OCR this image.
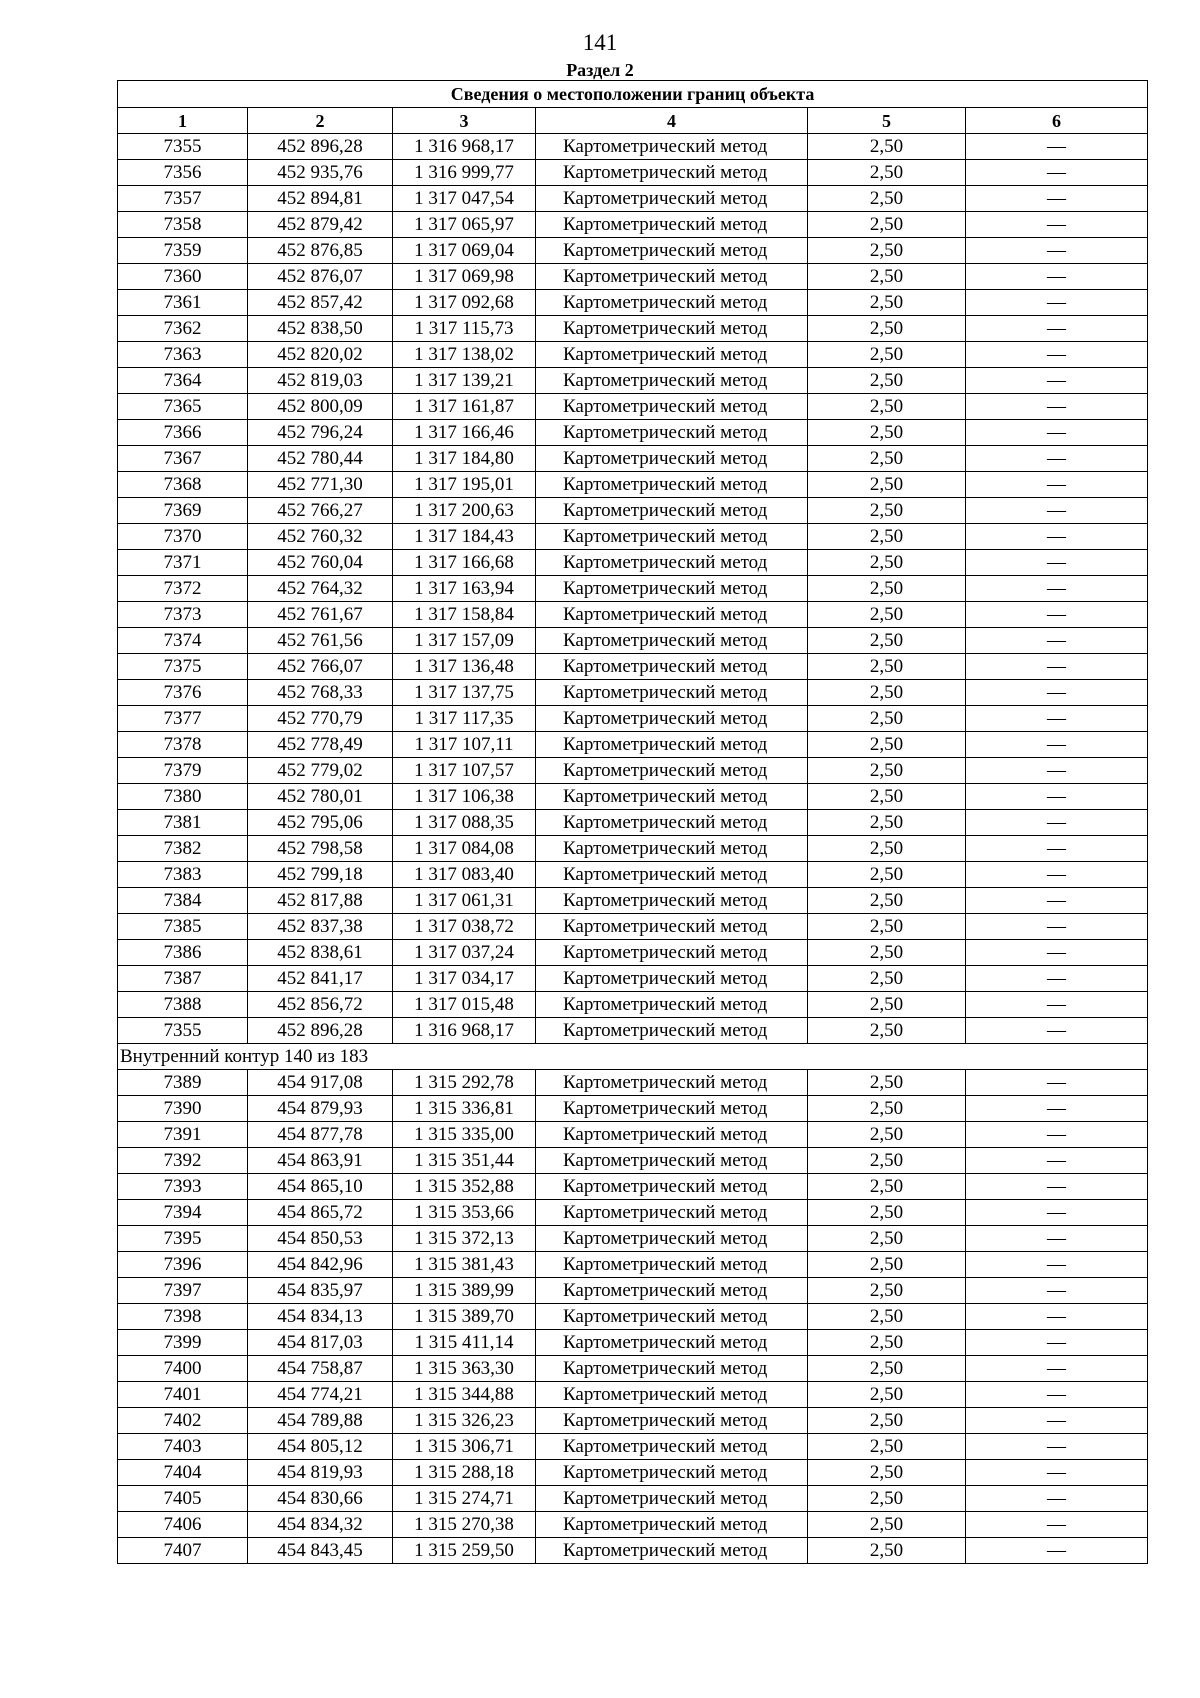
141
Раздел 2
Сведения о местоположении границ объекта					
1	2	3	4	5	6
7355	452 896,28	1 316 968,17	Картометрический метод	2,50	—
7356	452 935,76	1 316 999,77	Картометрический метод	2,50	—
7357	452 894,81	1 317 047,54	Картометрический метод	2,50	—
7358	452 879,42	1 317 065,97	Картометрический метод	2,50	—
7359	452 876,85	1 317 069,04	Картометрический метод	2,50	—
7360	452 876,07	1 317 069,98	Картометрический метод	2,50	—
7361	452 857,42	1 317 092,68	Картометрический метод	2,50	—
7362	452 838,50	1 317 115,73	Картометрический метод	2,50	—
7363	452 820,02	1 317 138,02	Картометрический метод	2,50	—
7364	452 819,03	1 317 139,21	Картометрический метод	2,50	—
7365	452 800,09	1 317 161,87	Картометрический метод	2,50	—
7366	452 796,24	1 317 166,46	Картометрический метод	2,50	—
7367	452 780,44	1 317 184,80	Картометрический метод	2,50	—
7368	452 771,30	1 317 195,01	Картометрический метод	2,50	—
7369	452 766,27	1 317 200,63	Картометрический метод	2,50	—
7370	452 760,32	1 317 184,43	Картометрический метод	2,50	—
7371	452 760,04	1 317 166,68	Картометрический метод	2,50	—
7372	452 764,32	1 317 163,94	Картометрический метод	2,50	—
7373	452 761,67	1 317 158,84	Картометрический метод	2,50	—
7374	452 761,56	1 317 157,09	Картометрический метод	2,50	—
7375	452 766,07	1 317 136,48	Картометрический метод	2,50	—
7376	452 768,33	1 317 137,75	Картометрический метод	2,50	—
7377	452 770,79	1 317 117,35	Картометрический метод	2,50	—
7378	452 778,49	1 317 107,11	Картометрический метод	2,50	—
7379	452 779,02	1 317 107,57	Картометрический метод	2,50	—
7380	452 780,01	1 317 106,38	Картометрический метод	2,50	—
7381	452 795,06	1 317 088,35	Картометрический метод	2,50	—
7382	452 798,58	1 317 084,08	Картометрический метод	2,50	—
7383	452 799,18	1 317 083,40	Картометрический метод	2,50	—
7384	452 817,88	1 317 061,31	Картометрический метод	2,50	—
7385	452 837,38	1 317 038,72	Картометрический метод	2,50	—
7386	452 838,61	1 317 037,24	Картометрический метод	2,50	—
7387	452 841,17	1 317 034,17	Картометрический метод	2,50	—
7388	452 856,72	1 317 015,48	Картометрический метод	2,50	—
7355	452 896,28	1 316 968,17	Картометрический метод	2,50	—
Внутренний контур 140 из 183					
7389	454 917,08	1 315 292,78	Картометрический метод	2,50	—
7390	454 879,93	1 315 336,81	Картометрический метод	2,50	—
7391	454 877,78	1 315 335,00	Картометрический метод	2,50	—
7392	454 863,91	1 315 351,44	Картометрический метод	2,50	—
7393	454 865,10	1 315 352,88	Картометрический метод	2,50	—
7394	454 865,72	1 315 353,66	Картометрический метод	2,50	—
7395	454 850,53	1 315 372,13	Картометрический метод	2,50	—
7396	454 842,96	1 315 381,43	Картометрический метод	2,50	—
7397	454 835,97	1 315 389,99	Картометрический метод	2,50	—
7398	454 834,13	1 315 389,70	Картометрический метод	2,50	—
7399	454 817,03	1 315 411,14	Картометрический метод	2,50	—
7400	454 758,87	1 315 363,30	Картометрический метод	2,50	—
7401	454 774,21	1 315 344,88	Картометрический метод	2,50	—
7402	454 789,88	1 315 326,23	Картометрический метод	2,50	—
7403	454 805,12	1 315 306,71	Картометрический метод	2,50	—
7404	454 819,93	1 315 288,18	Картометрический метод	2,50	—
7405	454 830,66	1 315 274,71	Картометрический метод	2,50	—
7406	454 834,32	1 315 270,38	Картометрический метод	2,50	—
7407	454 843,45	1 315 259,50	Картометрический метод	2,50	—
